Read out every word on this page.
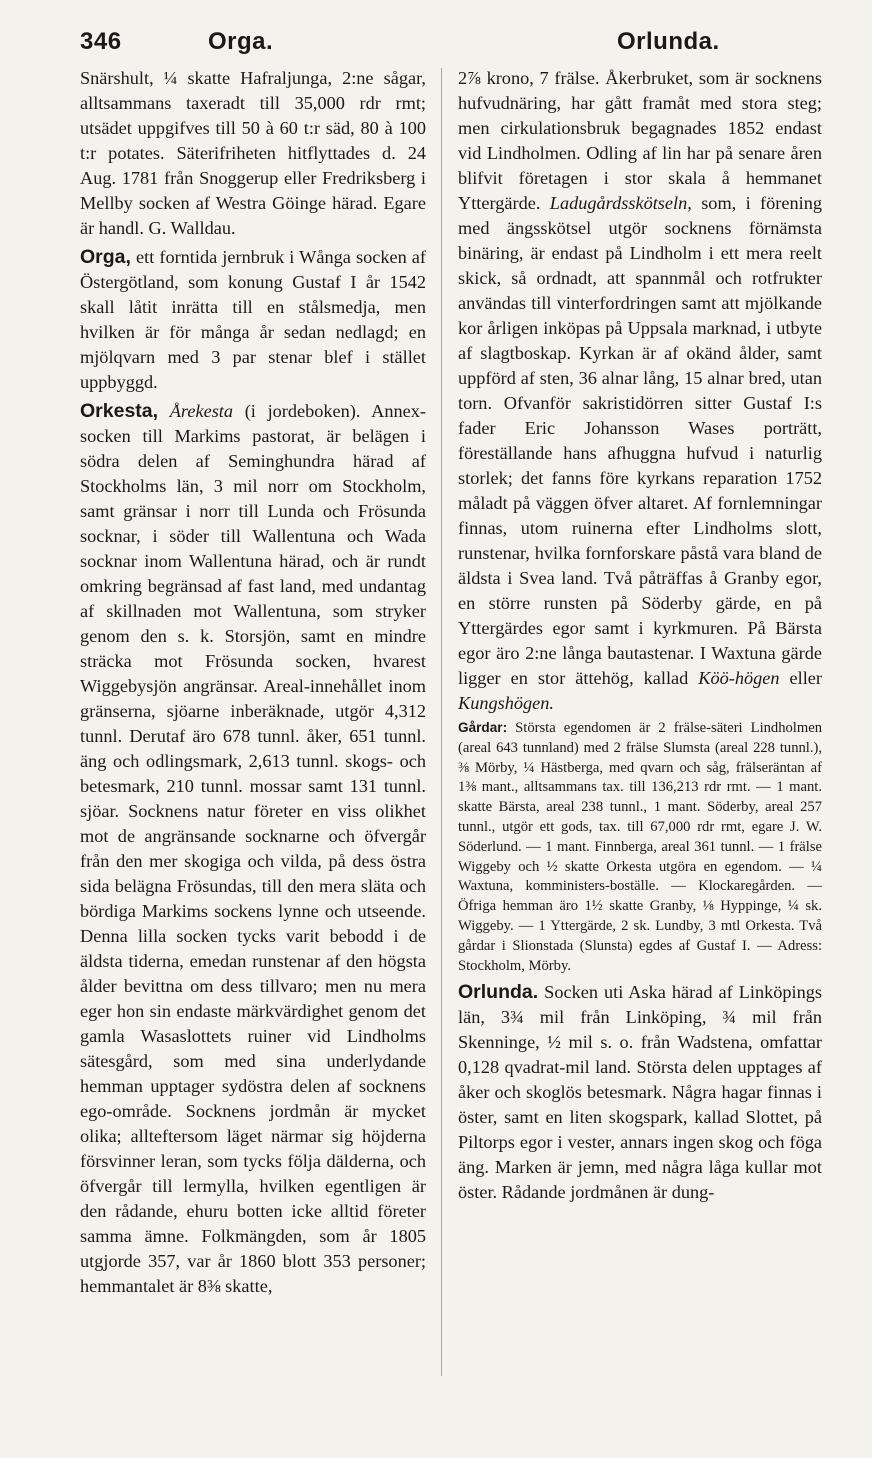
346	Orga.	Orlunda.

Snärshult, ¼ skatte Hafraljunga, 2:ne sågar, alltsammans taxeradt till 35,000 rdr rmt; utsädet uppgifves till 50 à 60 t:r säd, 80 à 100 t:r potates. Säterifriheten hitflyttades d. 24 Aug. 1781 från Snoggerup eller Fredriksberg i Mellby socken af Westra Göinge härad. Egare är handl. G. Walldau.

Orga, ett forntida jernbruk i Wånga socken af Östergötland, som konung Gustaf I år 1542 skall låtit inrätta till en stålsmedja, men hvilken är för många år sedan nedlagd; en mjölqvarn med 3 par stenar blef i stället uppbyggd.

Orkesta, Årekesta (i jordeboken). Annex-socken till Markims pastorat, är belägen i södra delen af Seminghundra härad af Stockholms län, 3 mil norr om Stockholm, samt gränsar i norr till Lunda och Frösunda socknar, i söder till Wallentuna och Wada socknar inom Wallentuna härad, och är rundt omkring begränsad af fast land, med undantag af skillnaden mot Wallentuna, som stryker genom den s. k. Storsjön, samt en mindre sträcka mot Frösunda socken, hvarest Wiggebysjön angränsar. Areal-innehållet inom gränserna, sjöarne inberäknade, utgör 4,312 tunnl. Derutaf äro 678 tunnl. åker, 651 tunnl. äng och odlingsmark, 2,613 tunnl. skogs- och betesmark, 210 tunnl. mossar samt 131 tunnl. sjöar. Socknens natur företer en viss olikhet mot de angränsande socknarne och öfvergår från den mer skogiga och vilda, på dess östra sida belägna Frösundas, till den mera släta och bördiga Markims sockens lynne och utseende. Denna lilla socken tycks varit bebodd i de äldsta tiderna, emedan runstenar af den högsta ålder bevittna om dess tillvaro; men nu mera eger hon sin endaste märkvärdighet genom det gamla Wasaslottets ruiner vid Lindholms sätesgård, som med sina underlydande hemman upptager sydöstra delen af socknens ego-område. Socknens jordmån är mycket olika; allteftersom läget närmar sig höjderna försvinner leran, som tycks följa dälderna, och öfvergår till lermylla, hvilken egentligen är den rådande, ehuru botten icke alltid företer samma ämne. Folkmängden, som år 1805 utgjorde 357, var år 1860 blott 353 personer; hemmantalet är 8⅜ skatte,

2⅞ krono, 7 frälse. Åkerbruket, som är socknens hufvudnäring, har gått framåt med stora steg; men cirkulationsbruk begagnades 1852 endast vid Lindholmen. Odling af lin har på senare åren blifvit företagen i stor skala å hemmanet Yttergärde. Ladugårdsskötseln, som, i förening med ängsskötsel utgör socknens förnämsta binäring, är endast på Lindholm i ett mera reelt skick, så ordnadt, att spannmål och rotfrukter användas till vinterfordringen samt att mjölkande kor årligen inköpas på Uppsala marknad, i utbyte af slagtboskap. Kyrkan är af okänd ålder, samt uppförd af sten, 36 alnar lång, 15 alnar bred, utan torn. Ofvanför sakristidörren sitter Gustaf I:s fader Eric Johansson Wases porträtt, föreställande hans afhuggna hufvud i naturlig storlek; det fanns före kyrkans reparation 1752 måladt på väggen öfver altaret. Af fornlemningar finnas, utom ruinerna efter Lindholms slott, runstenar, hvilka fornforskare påstå vara bland de äldsta i Svea land. Två påträffas å Granby egor, en större runsten på Söderby gärde, en på Yttergärdes egor samt i kyrkmuren. På Bärsta egor äro 2:ne långa bautastenar. I Waxtuna gärde ligger en stor ättehög, kallad Köö-högen eller Kungshögen.

Gårdar: Största egendomen är 2 frälse-säteri Lindholmen (areal 643 tunnland) med 2 frälse Slumsta (areal 228 tunnl.), ⅜ Mörby, ¼ Hästberga, med qvarn och såg, frälseräntan af 1⅜ mant., alltsammans tax. till 136,213 rdr rmt. — 1 mant. skatte Bärsta, areal 238 tunnl., 1 mant. Söderby, areal 257 tunnl., utgör ett gods, tax. till 67,000 rdr rmt, egare J. W. Söderlund. — 1 mant. Finnberga, areal 361 tunnl. — 1 frälse Wiggeby och ½ skatte Orkesta utgöra en egendom. — ¼ Waxtuna, komministers-boställe. — Klockaregården. — Öfriga hemman äro 1½ skatte Granby, ⅛ Hyppinge, ¼ sk. Wiggeby. — 1 Yttergärde, 2 sk. Lundby, 3 mtl Orkesta. Två gårdar i Slionstada (Slunsta) egdes af Gustaf I. — Adress: Stockholm, Mörby.

Orlunda. Socken uti Aska härad af Linköpings län, 3¾ mil från Linköping, ¾ mil från Skenninge, ½ mil s. o. från Wadstena, omfattar 0,128 qvadrat-mil land. Största delen upptages af åker och skoglös betesmark. Några hagar finnas i öster, samt en liten skogspark, kallad Slottet, på Piltorps egor i vester, annars ingen skog och föga äng. Marken är jemn, med några låga kullar mot öster. Rådande jordmånen är dung-
